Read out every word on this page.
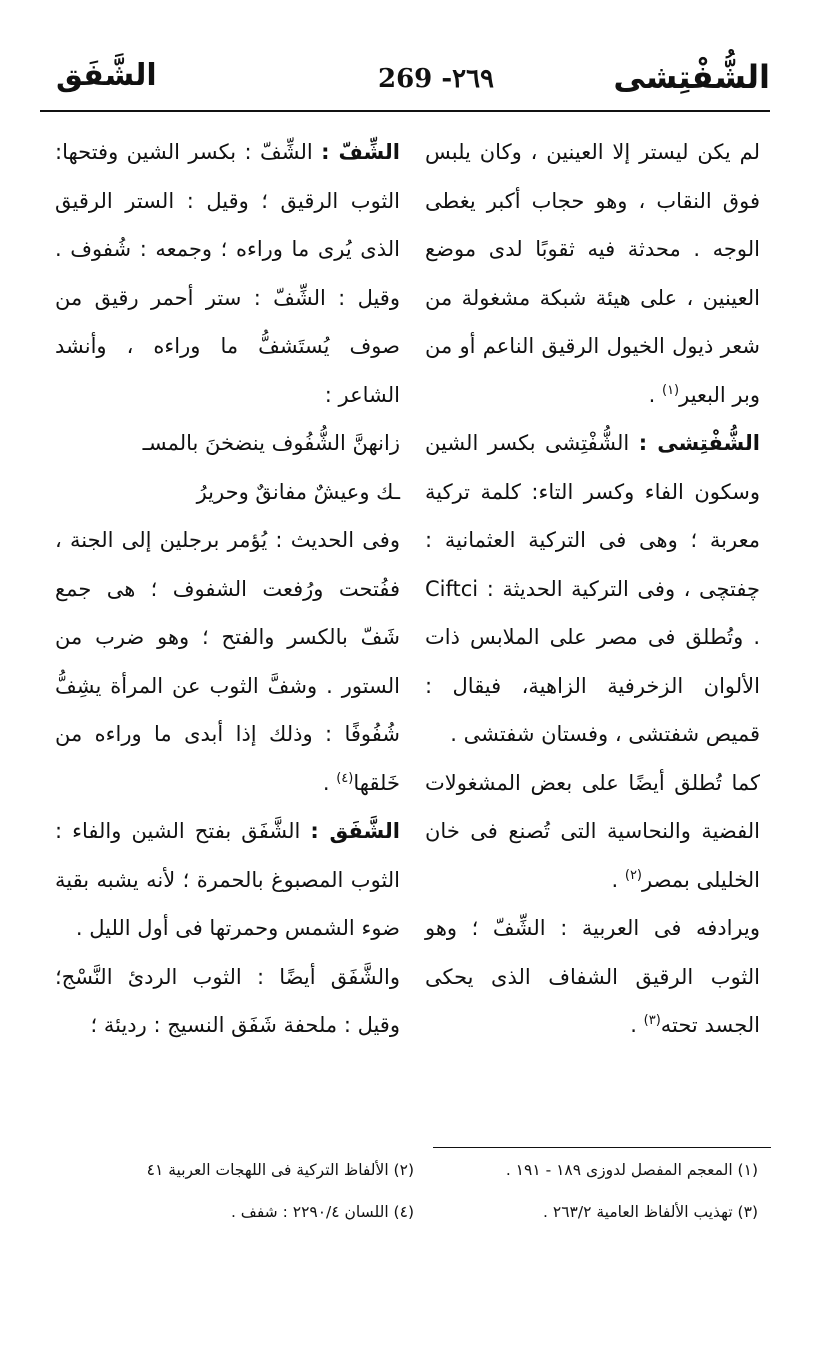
الشُّفْتِشى
269 -٢٦٩
الشَّفَق

لم يكن ليستر إلا العينين ، وكان يلبس فوق النقاب ، وهو حجاب أكبر يغطى الوجه . محدثة فيه ثقوبًا لدى موضع العينين ، على هيئة شبكة مشغولة من شعر ذيول الخيول الرقيق الناعم أو من وبر البعير$^{(١)}$ .

الشُّفْتِشى : الشُّفْتِشى بكسر الشين وسكون الفاء وكسر التاء: كلمة تركية معربة ؛ وهى فى التركية العثمانية : چفتچى ، وفى التركية الحديثة : Ciftci . وتُطلق فى مصر على الملابس ذات الألوان الزخرفية الزاهية، فيقال : قميص شفتشى ، وفستان شفتشى .

كما تُطلق أيضًا على بعض المشغولات الفضية والنحاسية التى تُصنع فى خان الخليلى بمصر$^{(٢)}$ .

ويرادفه فى العربية : الشِّفّ ؛ وهو الثوب الرقيق الشفاف الذى يحكى الجسد تحته$^{(٣)}$ .

الشِّفّ : الشِّفّ : بكسر الشين وفتحها: الثوب الرقيق ؛ وقيل : الستر الرقيق الذى يُرى ما وراءه ؛ وجمعه : شُفوف . وقيل : الشِّفّ : ستر أحمر رقيق من صوف يُستَشفُّ ما وراءه ، وأنشد الشاعر :

زانهنَّ الشُّفُوف ينضخنَ بالمسـ

ـك وعيشٌ مفانقٌ وحريرُ

وفى الحديث : يُؤمر برجلين إلى الجنة ، ففُتحت ورُفعت الشفوف ؛ هى جمع شَفّ بالكسر والفتح ؛ وهو ضرب من الستور . وشفَّ الثوب عن المرأة يشِفُّ شُفُوفًا : وذلك إذا أبدى ما وراءه من خَلقها$^{(٤)}$ .

الشَّفَق : الشَّفَق بفتح الشين والفاء : الثوب المصبوغ بالحمرة ؛ لأنه يشبه بقية ضوء الشمس وحمرتها فى أول الليل .

والشَّفَق أيضًا : الثوب الردئ النَّسْج؛ وقيل : ملحفة شَفَق النسيج : رديئة ؛

(١) المعجم المفصل لدوزى ١٨٩ - ١٩١ .
(٢) الألفاظ التركية فى اللهجات العربية ٤١
(٣) تهذيب الألفاظ العامية ٢٦٣/٢ .
(٤) اللسان ٢٢٩٠/٤ : شفف .
